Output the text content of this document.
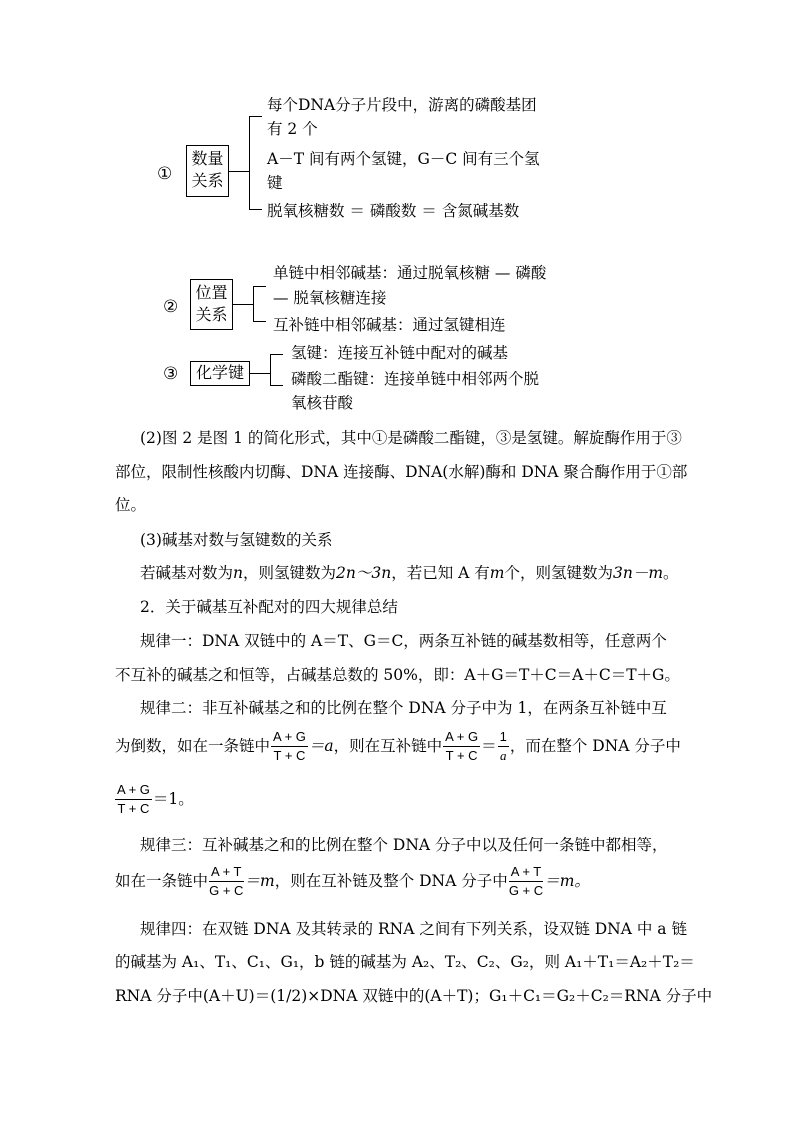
①
数量
关系
每个DNA分子片段中，游离的磷酸基团
有 2 个
A－T 间有两个氢键，G－C 间有三个氢
键
脱氧核糖数 ＝ 磷酸数 ＝ 含氮碱基数
②
位置
关系
单链中相邻碱基：通过脱氧核糖 — 磷酸
— 脱氧核糖连接
互补链中相邻碱基：通过氢键相连
③	化学键
氢键：连接互补链中配对的碱基
磷酸二酯键：连接单链中相邻两个脱
氧核苷酸
(2)图 2 是图 1 的简化形式，其中①是磷酸二酯键，③是氢键。解旋酶作用于③
部位，限制性核酸内切酶、DNA 连接酶、DNA(水解)酶和 DNA 聚合酶作用于①部
位。
(3)碱基对数与氢键数的关系
若碱基对数为n，则氢键数为2n～3n，若已知 A 有m个，则氢键数为3n－m。
2．关于碱基互补配对的四大规律总结
规律一：DNA 双链中的 A＝T、G＝C，两条互补链的碱基数相等，任意两个
不互补的碱基之和恒等，占碱基总数的 50%，即：A＋G＝T＋C＝A＋C＝T＋G。
规律二：非互补碱基之和的比例在整个 DNA 分子中为 1，在两条互补链中互
为倒数，如在一条链中 $\frac{A + G}{T + C} =a$，则在互补链中 $\frac{A + G}{T + C} = \frac{1}{a}$ ，而在整个 DNA 分子中
$\frac{A + G}{T + C} =1$。
规律三：互补碱基之和的比例在整个 DNA 分子中以及任何一条链中都相等，
如在一条链中 $\frac{A + T}{G + C} =m$，则在互补链及整个 DNA 分子中 $\frac{A + T}{G + C} =m$。
规律四：在双链 DNA 及其转录的 RNA 之间有下列关系，设双链 DNA 中 a 链
的碱基为 A₁、T₁、C₁、G₁，b 链的碱基为 A₂、T₂、C₂、G₂，则 A₁＋T₁＝A₂＋T₂＝
RNA 分子中(A＋U)＝(1/2)×DNA 双链中的(A＋T)；G₁＋C₁＝G₂＋C₂＝RNA 分子中
